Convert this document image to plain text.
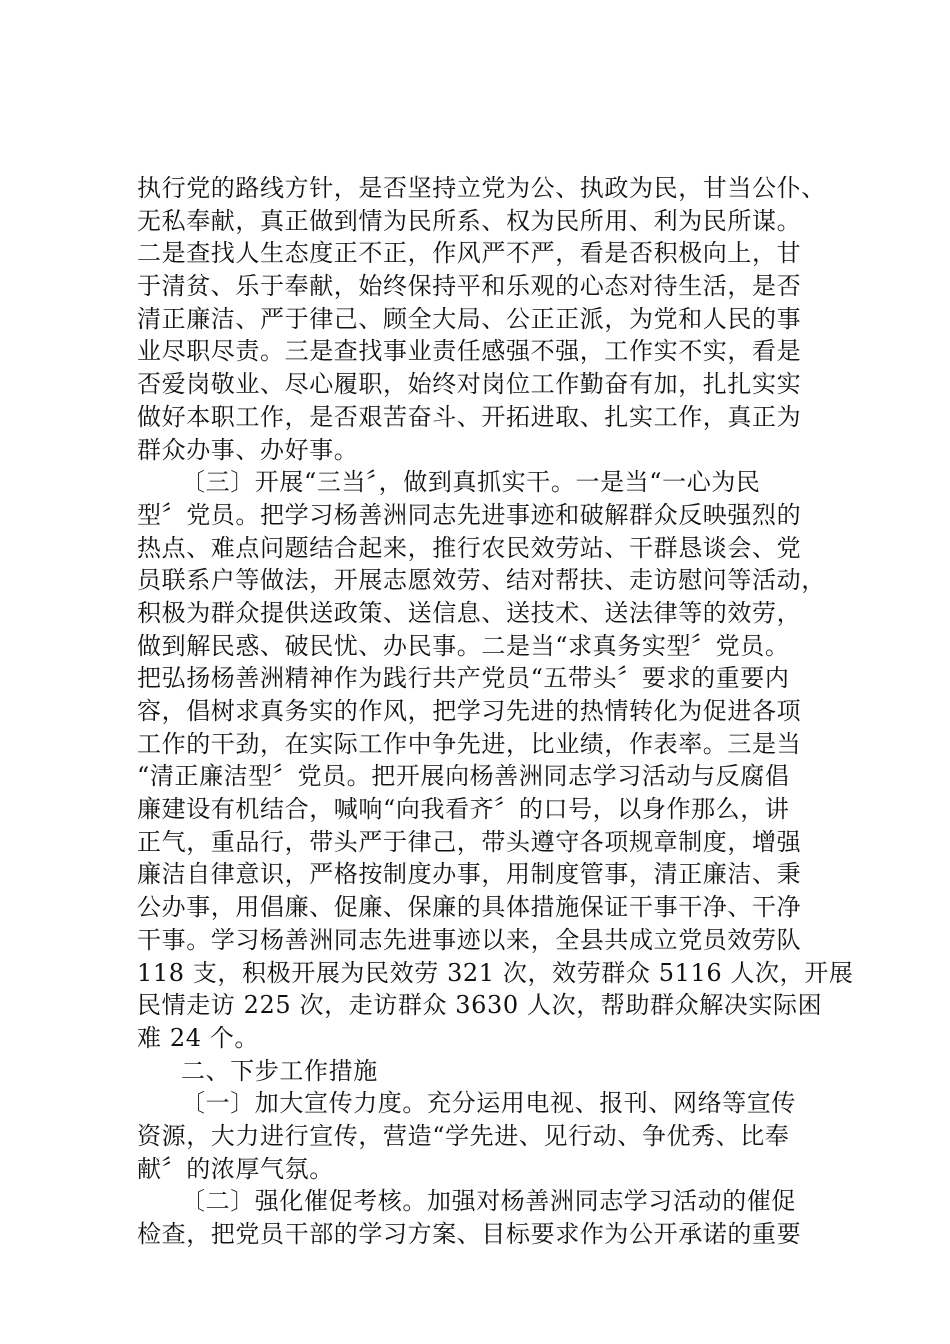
执行党的路线方针，是否坚持立党为公、执政为民，甘当公仆、
无私奉献，真正做到情为民所系、权为民所用、利为民所谋。
二是查找人生态度正不正，作风严不严，看是否积极向上，甘
于清贫、乐于奉献，始终保持平和乐观的心态对待生活，是否
清正廉洁、严于律己、顾全大局、公正正派，为党和人民的事
业尽职尽责。三是查找事业责任感强不强，工作实不实，看是
否爱岗敬业、尽心履职，始终对岗位工作勤奋有加，扎扎实实
做好本职工作，是否艰苦奋斗、开拓进取、扎实工作，真正为
群众办事、办好事。
〔三〕开展“三当〞，做到真抓实干。一是当“一心为民
型〞党员。把学习杨善洲同志先进事迹和破解群众反映强烈的
热点、难点问题结合起来，推行农民效劳站、干群恳谈会、党
员联系户等做法，开展志愿效劳、结对帮扶、走访慰问等活动，
积极为群众提供送政策、送信息、送技术、送法律等的效劳，
做到解民惑、破民忧、办民事。二是当“求真务实型〞党员。
把弘扬杨善洲精神作为践行共产党员“五带头〞要求的重要内
容，倡树求真务实的作风，把学习先进的热情转化为促进各项
工作的干劲，在实际工作中争先进，比业绩，作表率。三是当
“清正廉洁型〞党员。把开展向杨善洲同志学习活动与反腐倡
廉建设有机结合，喊响“向我看齐〞的口号，以身作那么，讲
正气，重品行，带头严于律己，带头遵守各项规章制度，增强
廉洁自律意识，严格按制度办事，用制度管事，清正廉洁、秉
公办事，用倡廉、促廉、保廉的具体措施保证干事干净、干净
干事。学习杨善洲同志先进事迹以来，全县共成立党员效劳队
118 支，积极开展为民效劳 321 次，效劳群众 5116 人次，开展
民情走访 225 次，走访群众 3630 人次，帮助群众解决实际困
难 24 个。
二、下步工作措施
〔一〕加大宣传力度。充分运用电视、报刊、网络等宣传
资源，大力进行宣传，营造“学先进、见行动、争优秀、比奉
献〞的浓厚气氛。
〔二〕强化催促考核。加强对杨善洲同志学习活动的催促
检查，把党员干部的学习方案、目标要求作为公开承诺的重要
